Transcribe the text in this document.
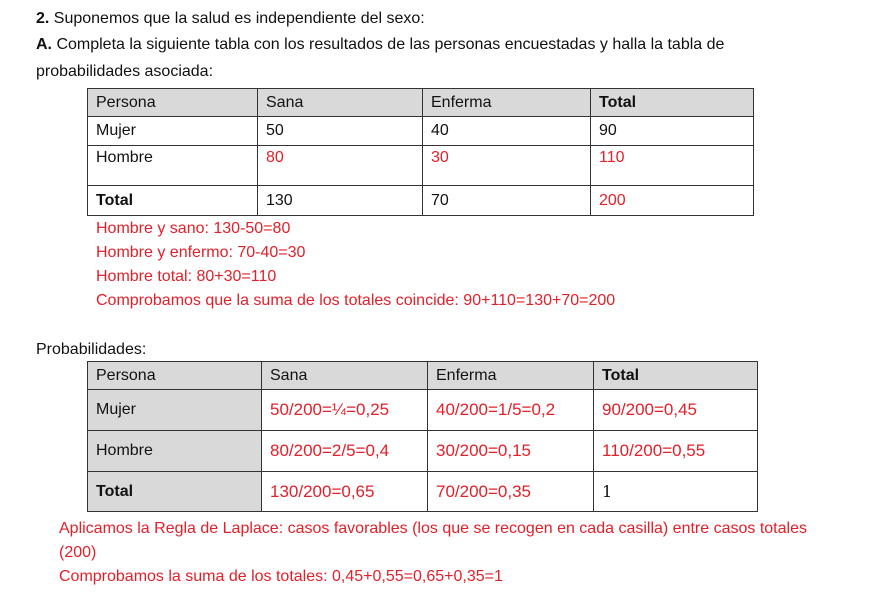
2. Suponemos que la salud es independiente del sexo:
A. Completa la siguiente tabla con los resultados de las personas encuestadas y halla la tabla de
probabilidades asociada:
Persona	Sana	Enferma	Total
Mujer	50	40	90
Hombre	80	30	110
Total	130	70	200
Hombre y sano: 130-50=80
Hombre y enfermo: 70-40=30
Hombre total: 80+30=110
Comprobamos que la suma de los totales coincide: 90+110=130+70=200
Probabilidades:
Persona	Sana	Enferma	Total
Mujer	50/200=¼=0,25	40/200=1/5=0,2	90/200=0,45
Hombre	80/200=2/5=0,4	30/200=0,15	110/200=0,55
Total	130/200=0,65	70/200=0,35	1
Aplicamos la Regla de Laplace: casos favorables (los que se recogen en cada casilla) entre casos totales
(200)
Comprobamos la suma de los totales: 0,45+0,55=0,65+0,35=1
